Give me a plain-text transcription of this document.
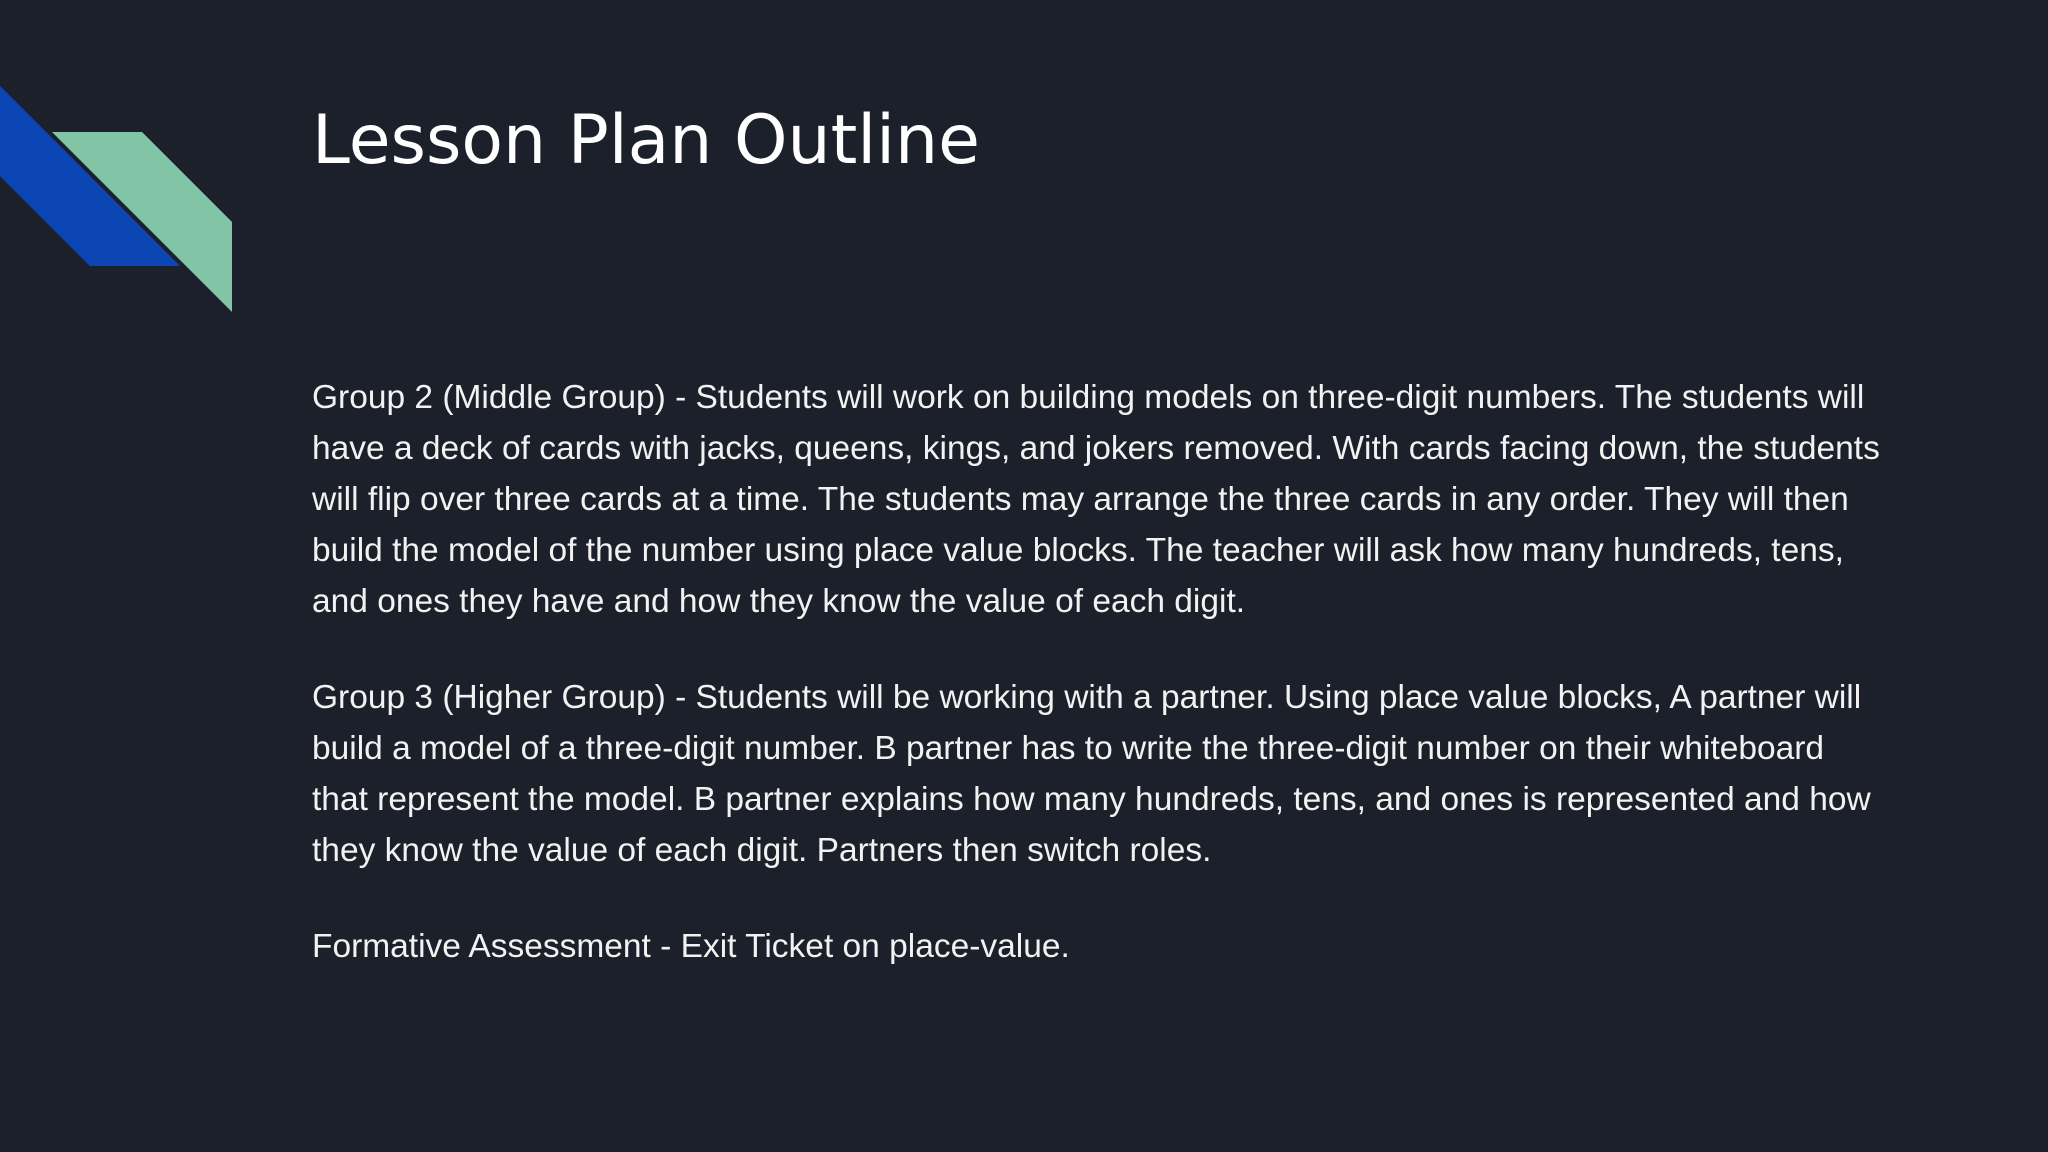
Lesson Plan Outline

Group 2 (Middle Group) - Students will work on building models on three-digit numbers. The students will have a deck of cards with jacks, queens, kings, and jokers removed. With cards facing down, the students will flip over three cards at a time. The students may arrange the three cards in any order. They will then build the model of the number using place value blocks. The teacher will ask how many hundreds, tens, and ones they have and how they know the value of each digit.

Group 3 (Higher Group) - Students will be working with a partner. Using place value blocks, A partner will build a model of a three-digit number. B partner has to write the three-digit number on their whiteboard that represent the model. B partner explains how many hundreds, tens, and ones is represented and how they know the value of each digit. Partners then switch roles.

Formative Assessment - Exit Ticket on place-value.
